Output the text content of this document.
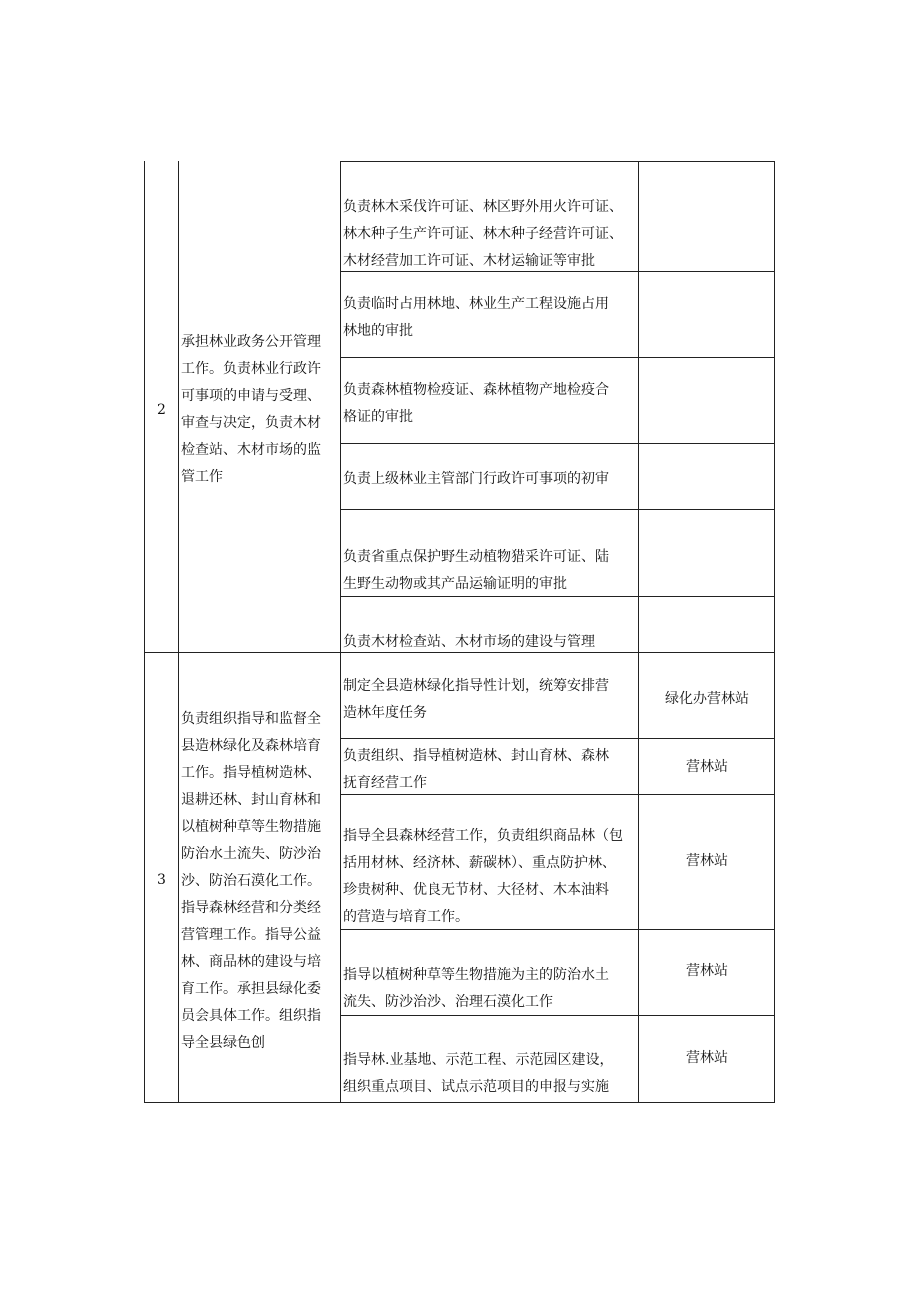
2
承担林业政务公开管理
工作。负责林业行政许
可事项的申请与受理、
审查与决定，负责木材
检查站、木材市场的监
管工作
负责林木采伐许可证、林区野外用火许可证、
林木种子生产许可证、林木种子经营许可证、
木材经营加工许可证、木材运输证等审批
负责临时占用林地、林业生产工程设施占用
林地的审批
负责森林植物检疫证、森林植物产地检疫合
格证的审批
负责上级林业主管部门行政许可事项的初审
负责省重点保护野生动植物猎采许可证、陆
生野生动物或其产品运输证明的审批
负责木材检查站、木材市场的建设与管理
3
负责组织指导和监督全
县造林绿化及森林培育
工作。指导植树造林、
退耕还林、封山育林和
以植树种草等生物措施
防治水土流失、防沙治
沙、防治石漠化工作。
指导森林经营和分类经
营管理工作。指导公益
林、商品林的建设与培
育工作。承担县绿化委
员会具体工作。组织指
导全县绿色创
制定全县造林绿化指导性计划，统筹安排营
造林年度任务
绿化办营林站
负责组织、指导植树造林、封山育林、森林
抚育经营工作
营林站
指导全县森林经营工作，负责组织商品林（包
括用材林、经济林、薪碳林）、重点防护林、
珍贵树种、优良无节材、大径材、木本油料
的营造与培育工作。
营林站
指导以植树种草等生物措施为主的防治水土
流失、防沙治沙、治理石漠化工作
营林站
指导林.业基地、示范工程、示范园区建设，
组织重点项目、试点示范项目的申报与实施
营林站
